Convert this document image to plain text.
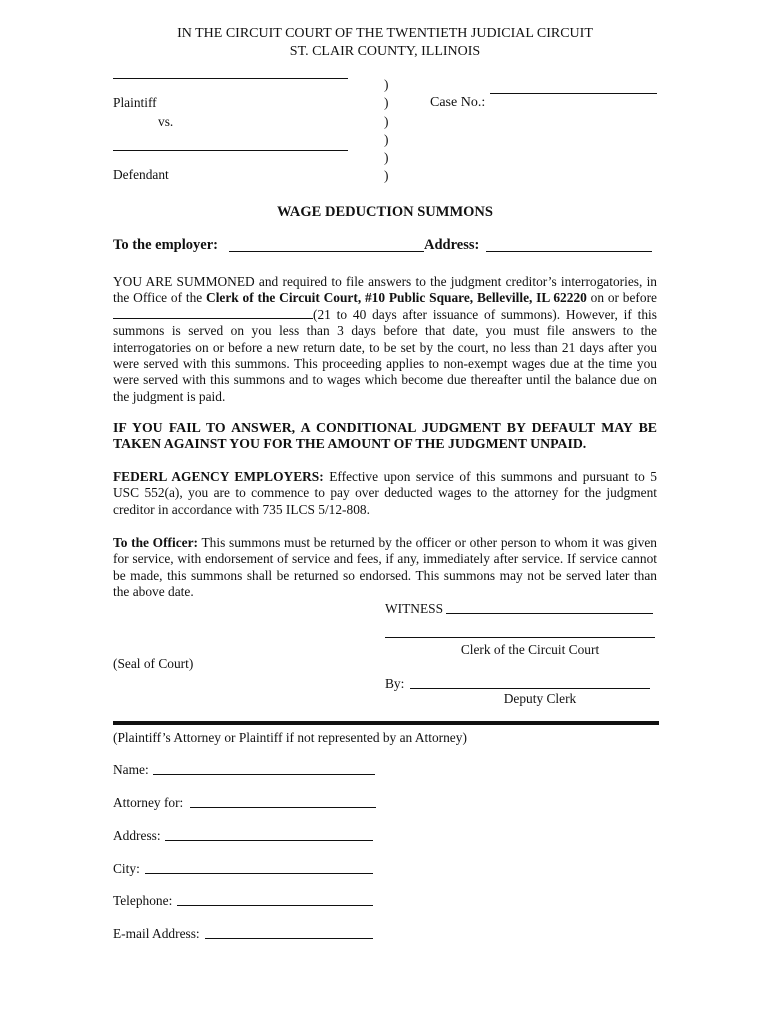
IN THE CIRCUIT COURT OF THE TWENTIETH JUDICIAL CIRCUIT
ST. CLAIR COUNTY, ILLINOIS
Plaintiff
vs.
Defendant
)
)
)
)
)
)
Case No.:
WAGE DEDUCTION SUMMONS
To the employer:	Address:
YOU ARE SUMMONED and required to file answers to the judgment creditor’s interrogatories, in the Office of the Clerk of the Circuit Court, #10 Public Square, Belleville, IL 62220 on or before (21 to 40 days after issuance of summons). However, if this summons is served on you less than 3 days before that date, you must file answers to the interrogatories on or before a new return date, to be set by the court, no less than 21 days after you were served with this summons. This proceeding applies to non-exempt wages due at the time you were served with this summons and to wages which become due thereafter until the balance due on the judgment is paid.
IF YOU FAIL TO ANSWER, A CONDITIONAL JUDGMENT BY DEFAULT MAY BE TAKEN AGAINST YOU FOR THE AMOUNT OF THE JUDGMENT UNPAID.
FEDERL AGENCY EMPLOYERS: Effective upon service of this summons and pursuant to 5 USC 552(a), you are to commence to pay over deducted wages to the attorney for the judgment creditor in accordance with 735 ILCS 5/12-808.
To the Officer: This summons must be returned by the officer or other person to whom it was given for service, with endorsement of service and fees, if any, immediately after service. If service cannot be made, this summons shall be returned so endorsed. This summons may not be served later than the above date.
WITNESS
Clerk of the Circuit Court
(Seal of Court)
By:
Deputy Clerk
(Plaintiff’s Attorney or Plaintiff if not represented by an Attorney)
Name:
Attorney for:
Address:
City:
Telephone:
E-mail Address:
